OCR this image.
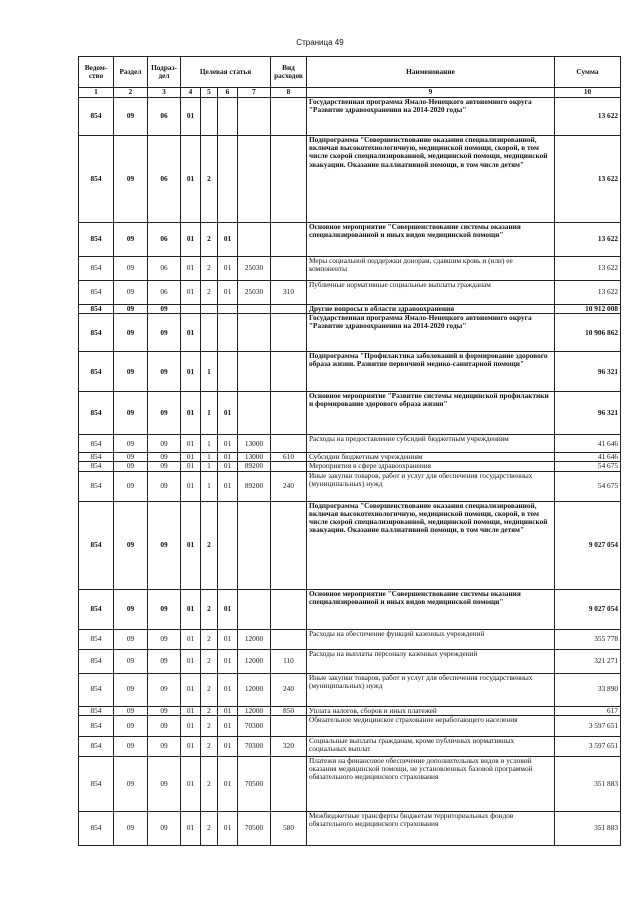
Страница 49
Ведом-ство	Раздел	Подраз-дел	Целевая статья				Вид расходов	Наименование	Сумма
1	2	3	4	5	6	7	8	9	10
854	09	06	01					Государственная программа Ямало-Ненецкого автономного округа "Развитие здравоохранения на 2014-2020 годы"	13 622
854	09	06	01	2				Подпрограмма "Совершенствование оказания специализированной, включая высокотехнологичную, медицинской помощи, скорой, в том числе скорой специализированной, медицинской помощи, медицинской эвакуации. Оказание паллиативной помощи, в том числе детям"	13 622
854	09	06	01	2	01			Основное мероприятие "Совершенствование системы оказания специализированной и иных видов медицинской помощи"	13 622
854	09	06	01	2	01	25030		Меры социальной поддержки донорам, сдавшим кровь и (или) ее компоненты	13 622
854	09	06	01	2	01	25030	310	Публичные нормативные социальные выплаты гражданам	13 622
854	09	09						Другие вопросы в области здравоохранения	10 912 008
854	09	09	01					Государственная программа Ямало-Ненецкого автономного округа "Развитие здравоохранения на 2014-2020 годы"	10 906 862
854	09	09	01	1				Подпрограмма "Профилактика заболеваний и формирование здорового образа жизни. Развитие первичной медико-санитарной помощи"	96 321
854	09	09	01	1	01			Основное мероприятие "Развитие системы медицинской профилактики и формирование здорового образа жизни"	96 321
854	09	09	01	1	01	13000		Расходы на предоставление субсидий бюджетным учреждениям	41 646
854	09	09	01	1	01	13000	610	Субсидии бюджетным учреждениям	41 646
854	09	09	01	1	01	89200		Мероприятия в сфере здравоохранения	54 675
854	09	09	01	1	01	89200	240	Иные закупки товаров, работ и услуг для обеспечения государственных (муниципальных) нужд	54 675
854	09	09	01	2				Подпрограмма "Совершенствование оказания специализированной, включая высокотехнологичную, медицинской помощи, скорой, в том числе скорой специализированной, медицинской помощи, медицинской эвакуации. Оказание паллиативной помощи, в том числе детям"	9 027 054
854	09	09	01	2	01			Основное мероприятие "Совершенствование системы оказания специализированной и иных видов медицинской помощи"	9 027 054
854	09	09	01	2	01	12000		Расходы на обеспечение функций казенных учреждений	355 778
854	09	09	01	2	01	12000	110	Расходы на выплаты персоналу казенных учреждений	321 271
854	09	09	01	2	01	12000	240	Иные закупки товаров, работ и услуг для обеспечения государственных (муниципальных) нужд	33 890
854	09	09	01	2	01	12000	850	Уплата налогов, сборов и иных платежей	617
854	09	09	01	2	01	70300		Обязательное медицинское страхование неработающего населения	3 597 651
854	09	09	01	2	01	70300	320	Социальные выплаты гражданам, кроме публичных нормативных социальных выплат	3 597 651
854	09	09	01	2	01	70500		Платежи на финансовое обеспечение дополнительных видов и условий оказания медицинской помощи, не установленных базовой программой обязательного медицинского страхования	351 883
854	09	09	01	2	01	70500	580	Межбюджетные трансферты бюджетам территориальных фондов обязательного медицинского страхования	351 883
